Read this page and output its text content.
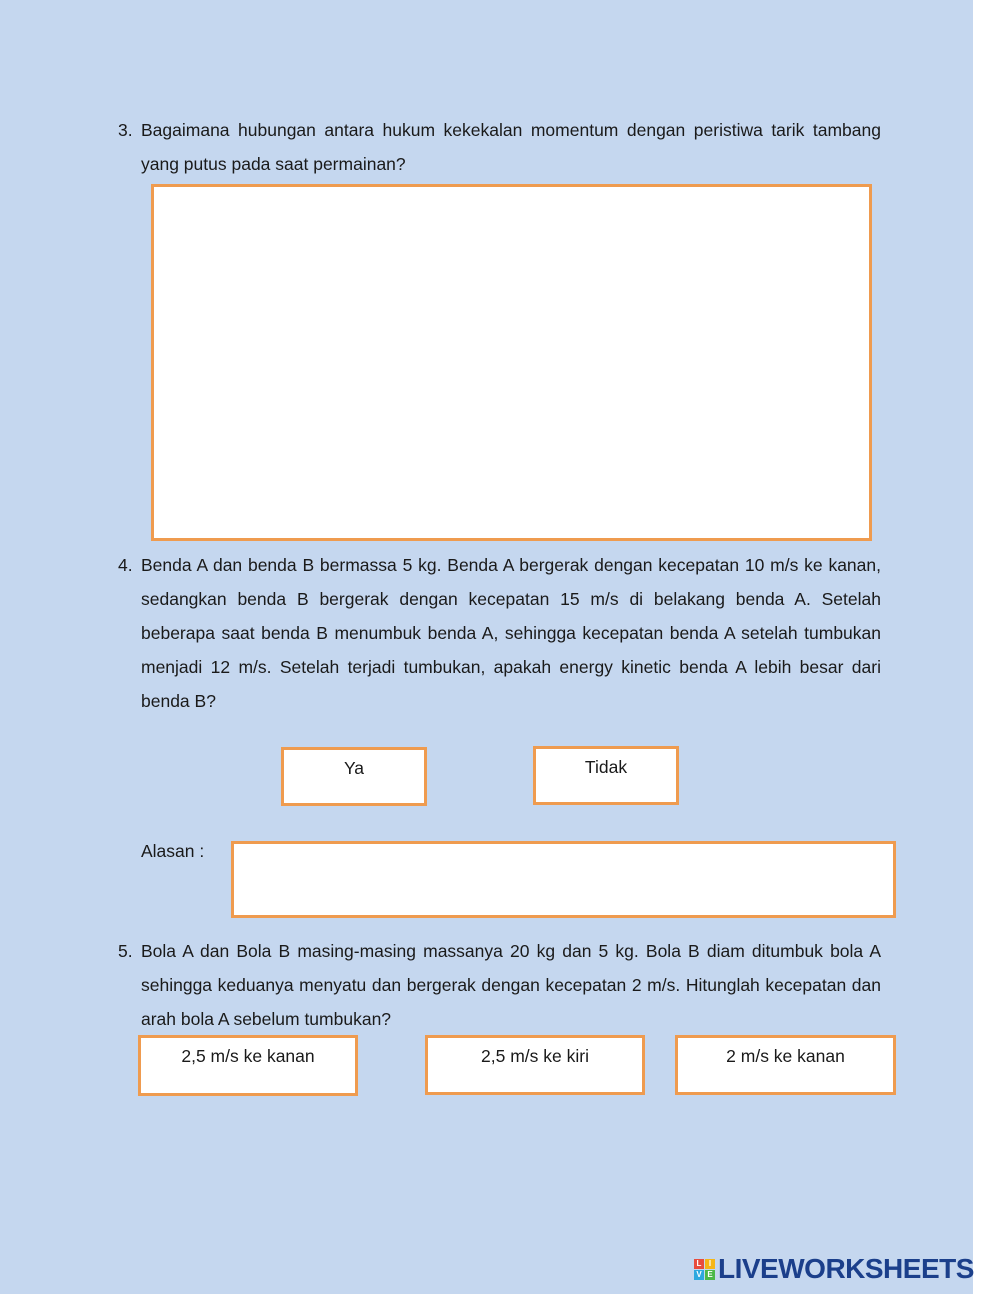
3. Bagaimana hubungan antara hukum kekekalan momentum dengan peristiwa tarik tambang yang putus pada saat permainan?
4. Benda A dan benda B bermassa 5 kg. Benda A bergerak dengan kecepatan 10 m/s ke kanan, sedangkan benda B bergerak dengan kecepatan 15 m/s di belakang benda A. Setelah beberapa saat benda B menumbuk benda A, sehingga kecepatan benda A setelah tumbukan menjadi 12 m/s. Setelah terjadi tumbukan, apakah energy kinetic benda A lebih besar dari benda B?
Ya	Tidak
Alasan :
5. Bola A dan Bola B masing-masing massanya 20 kg dan 5 kg. Bola B diam ditumbuk bola A sehingga keduanya menyatu dan bergerak dengan kecepatan 2 m/s. Hitunglah kecepatan dan arah bola A sebelum tumbukan?
2,5 m/s ke kanan	2,5 m/s ke kiri	2 m/s ke kanan
L I
V E LIVEWORKSHEETS
